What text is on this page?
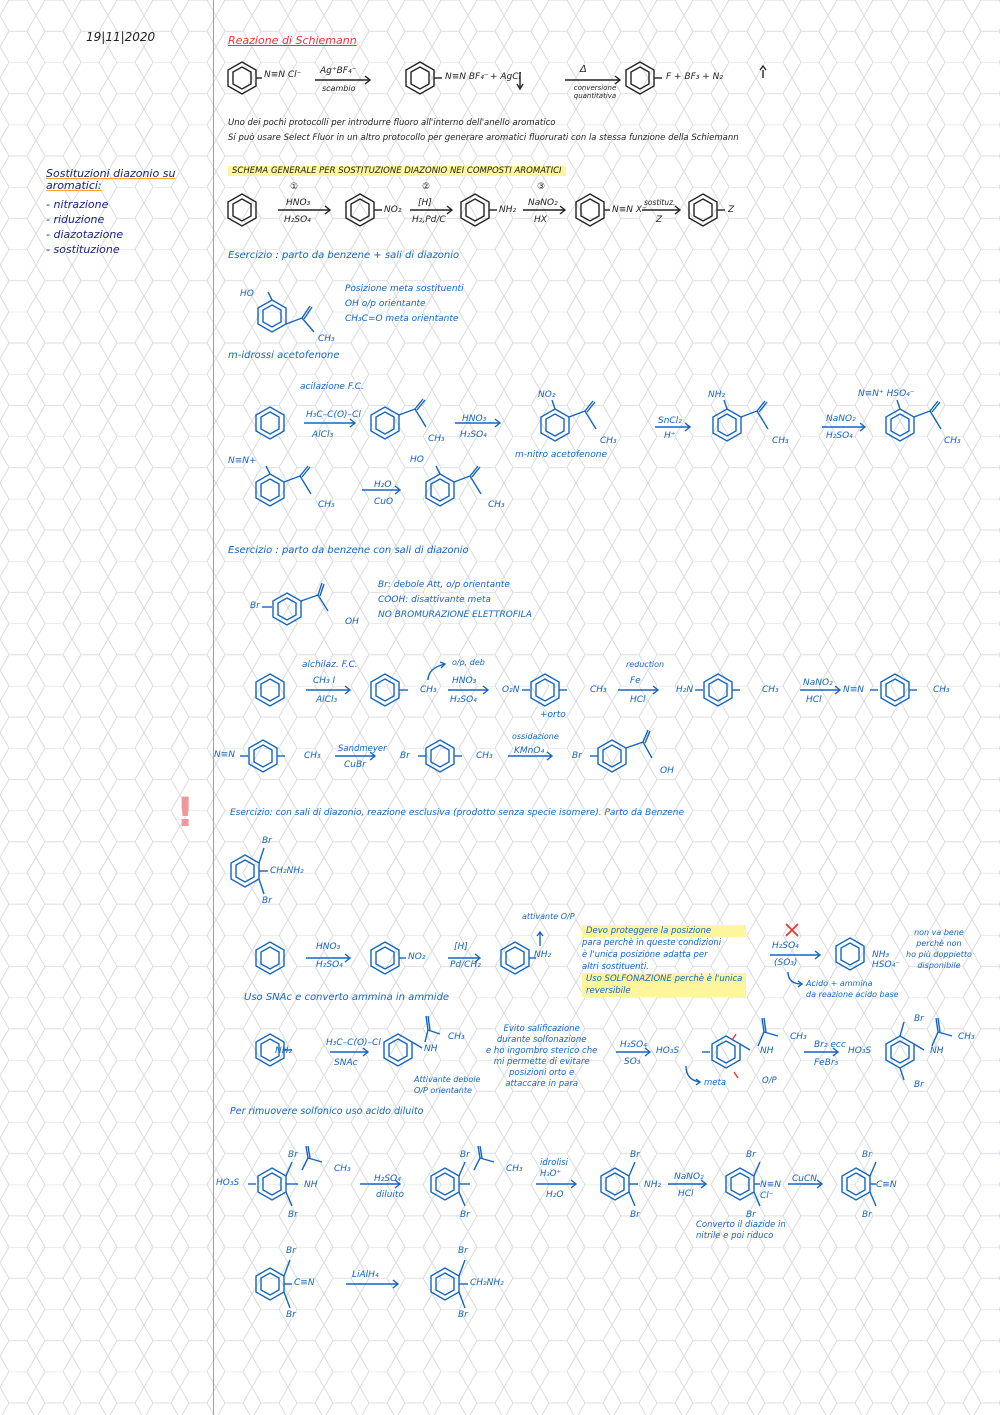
19|11|2020
Sostituzioni diazonio su aromatici:
- nitrazione
- riduzione
- diazotazione
- sostituzione
Reazione di Schiemann
N≡N Cl⁻ Ag⁺BF₄⁻
scambio
N≡N BF₄⁻ + AgCl
Δ
conversione quantitativa
F + BF₃ + N₂
Uno dei pochi protocolli per introdurre fluoro all'interno dell'anello aromatico
Si può usare Select Fluor in un altro protocollo per generare aromatici fluorurati con la stessa funzione della Schiemann
SCHEMA GENERALE PER SOSTITUZIONE DIAZONIO NEI COMPOSTI AROMATICI
①
HNO₃
H₂SO₄
②
[H]
H₂,Pd/C
③
NaNO₂
HX
sostituz.
Z
NO₂	NH₂	N≡N X⁻	Z
Esercizio : parto da benzene + sali di diazonio
HO
CH₃
m-idrossi acetofenone
Posizione meta sostituenti
OH o/p orientante
CH₃C=O meta orientante
acilazione F.C.
H₃C–C(O)–Cl
AlCl₃	CH₃
HNO₃
H₂SO₄
NO₂
CH₃
m-nitro acetofenone
SnCl₂
H⁺
NH₂
CH₃
NaNO₂
H₂SO₄
N≡N⁺ HSO₄⁻
CH₃
N≡N+
CH₃
H₂O
CuO
HO
CH₃
Esercizio : parto da benzene con sali di diazonio
Br
OH
Br: debole Att, o/p orientante
COOH: disattivante meta
NO BROMURAZIONE ELETTROFILA
alchilaz. F.C.
CH₃ I
AlCl₃
CH₃
o/p, deb
HNO₃
H₂SO₄
O₂N	CH₃
+orto
reduction
Fe
HCl
H₂N	CH₃
NaNO₂
HCl
N≡N	CH₃
N≡N	CH₃
Sandmeyer
CuBr
Br	CH₃
ossidazione
KMnO₄	Br
OH
!	Esercizio: con sali di diazonio, reazione esclusiva (prodotto senza specie isomere). Parto da Benzene
Br
CH₂NH₂
Br
HNO₃
H₂SO₄
NO₂
[H]
Pd/CH₂
NH₂
attivante O/P
Devo proteggere la posizione
para perchè in queste condizioni
è l'unica posizione adatta per
altri sostituenti.
Uso SOLFONAZIONE perchè è l'unica
reversibile
H₂SO₄
(SO₃)
NH₃ HSO₄⁻
non va bene
perchè non
ho più doppietto
disponibile
Acido + ammina
da reazione acido base
Uso SNAc e converto ammina in ammide
NH₂
H₃C–C(O)–Cl
SNAc
NH
CH₃
Attivante debole
O/P orientante
Evito salificazione
durante solfonazione
e ho ingombro sterico che
mi permette di evitare
posizioni orto e
attaccare in para
H₂SO₄
SO₃
HO₃S	NH
CH₃
meta	O/P
Br₂ ecc
FeBr₃
HO₃S
Br
NH
CH₃
Br
Per rimuovere solfonico uso acido diluito
HO₃S
Br
NH
CH₃
Br
H₂SO₄
diluito
Br
CH₃
Br
idrolisi H₃O⁺
H₂O
Br
NH₂
Br
NaNO₂
HCl
Br
N≡N Cl⁻
Br
CuCN
Br
C≡N
Br
Converto il diazide in
nitrile e poi riduco
Br
C≡N
Br
LiAlH₄
Br
CH₂NH₂
Br
